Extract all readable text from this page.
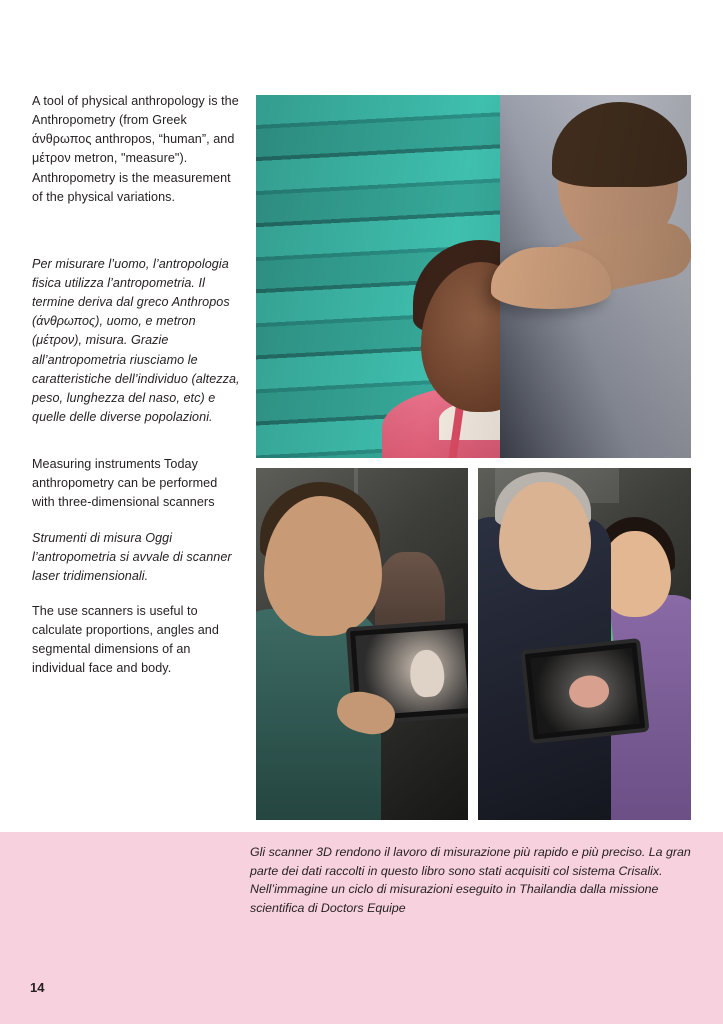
A tool of physical anthropology is the Anthropometry (from Greek άνθρωπος anthropos, “human”, and μέτρον metron, "measure"). Anthropometry is the measurement of the physical variations.

Per misurare l’uomo, l’antropologia fisica utilizza l’antropometria. Il termine deriva dal greco Anthropos (άνθρωπος), uomo, e metron (μέτρον), misura. Grazie all’antropometria riusciamo le caratteristiche dell’individuo (altezza, peso, lunghezza del naso, etc) e quelle delle diverse popolazioni.

Measuring instruments Today anthropometry can be performed with three-dimensional scanners

Strumenti di misura Oggi l’antropometria si avvale di scanner laser tridimensionali.

The use scanners is useful to calculate proportions, angles and segmental dimensions of an individual face and body.

Gli scanner 3D rendono il lavoro di misurazione più rapido e più preciso. La gran parte dei dati raccolti in questo libro sono stati acquisiti col sistema Crisalix.

Nell’immagine un ciclo di misurazioni eseguito in Thailandia dalla missione scientifica di Doctors Equipe

14
